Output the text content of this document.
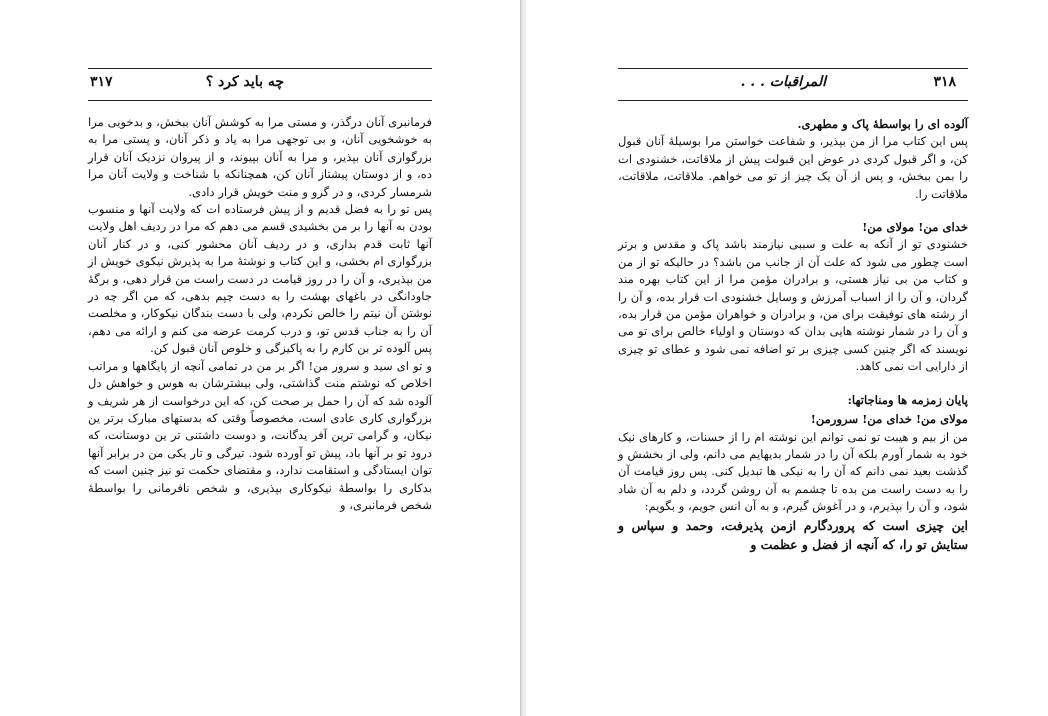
چه باید کرد ؟
۳۱۷

فرمانبری آنان درگذر، و مستی مرا به کوشش آنان ببخش، و بدخویی مرا به خوشخویی آنان، و بی توجهی مرا به یاد و ذکر آنان، و پستی مرا به بزرگواری آنان بپذیر، و مرا به آنان بپیوند، و از پیروان نزدیک آنان قرار ده، و از دوستان پیشتاز آنان کن، همچنانکه با شناخت و ولایت آنان مرا شرمسار کردی، و در گرو و منت خویش قرار دادی.

پس تو را به فضل قدیم و از پیش فرستاده ات که ولایت آنها و منسوب بودن به آنها را بر من بخشیدی قسم می دهم که مرا در ردیف اهل ولایت آنها ثابت قدم بداری، و در ردیف آنان محشور کنی، و در کنار آنان بزرگواری ام بخشی، و این کتاب و نوشتهٔ مرا به پذیرش نیکوی خویش از من بپذیری، و آن را در روز قیامت در دست راست من قرار دهی، و برگهٔ جاودانگی در باغهای بهشت را به دست چپم بدهی، که من اگر چه در نوشتن آن نیتم را خالص نکردم، ولی با دست بندگان نیکوکار، و مخلصت آن را به جناب قدس تو، و درب کرمت عرضه می کنم و ارائه می دهم، پس آلوده تر بن کارم را به پاکیزگی و خلوص آنان قبول کن.

و تو ای سید و سرور من! اگر بر من در تمامی آنچه از پایگاهها و مراتب اخلاص که نوشتم منت گذاشتی، ولی بیشترشان به هوس و خواهش دل آلوده شد که آن را حمل بر صحت کن، که این درخواست از هر شریف و بزرگواری کاری عادی است، مخصوصاً وقتی که بدستهای مبارک برتر ین نیکان، و گرامی ترین آفر یدگانت، و دوست داشتنی تر ین دوستانت، که درود تو بر آنها باد، پیش تو آورده شود. تیرگی و تار یکی من در برابر آنها توان ایستادگی و استقامت ندارد، و مقتضای حکمت تو نیز چنین است که بدکاری را بواسطهٔ نیکوکاری بپذیری، و شخص نافرمانی را بواسطهٔ شخص فرمانبری، و

المراقبات . . .	۳۱۸

آلوده ای را بواسطهٔ پاک و مطهری.

پس این کتاب مرا از من بپذیر، و شفاعت خواستن مرا بوسیلهٔ آنان قبول کن، و اگر قبول کردی در عوض این قبولت پیش از ملاقاتت، خشنودی ات را بمن ببخش، و پس از آن یک چیز از تو می خواهم. ملاقاتت، ملاقاتت، ملاقاتت را.

خدای من! مولای من!

خشنودی تو از آنکه به علت و سببی نیازمند باشد پاک و مقدس و برتر است چطور می شود که علت آن از جانب من باشد؟ در حالیکه تو از من و کتاب من بی نیاز هستی، و برادران مؤمن مرا از این کتاب بهره مند گردان، و آن را از اسباب آمرزش و وسایل خشنودی ات قرار بده، و آن را از رشته های توفیقت برای من، و برادران و خواهران مؤمن من قرار بده، و آن را در شمار نوشته هایی بدان که دوستان و اولیاء خالص برای تو می نویسند که اگر چنین کسی چیزی بر تو اضافه نمی شود و عطای تو چیزی از دارایی ات نمی کاهد.

پایان زمزمه ها ومناجاتها:

مولای من! خدای من! سرورمن!

من از بیم و هیبت تو نمی توانم این نوشته ام را از حسنات، و کارهای نیک خود به شمار آورم بلکه آن را در شمار بدیهایم می دانم، ولی از بخشش و گذشت بعید نمی دانم که آن را به نیکی ها تبدیل کنی. پس روز قیامت آن را به دست راست من بده تا چشمم به آن روشن گردد، و دلم به آن شاد شود، و آن را بپذیرم، و در آغوش گیرم، و به آن انس جویم، و بگویم:

این چیزی است که پروردگارم ازمن پذیرفت، وحمد و سپاس و ستایش تو را، که آنچه از فضل و عظمت و
